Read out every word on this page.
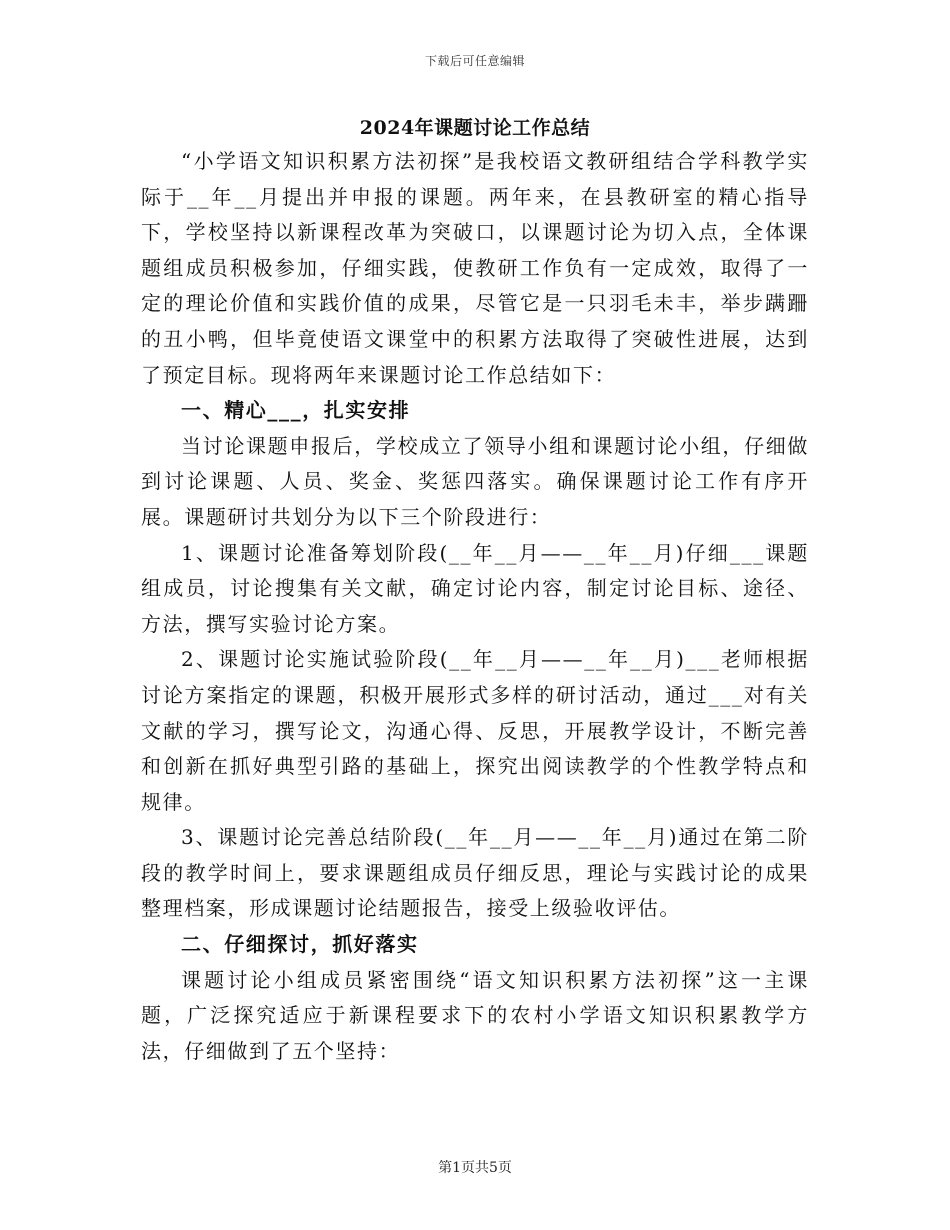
下载后可任意编辑
2024年课题讨论工作总结

“小学语文知识积累方法初探”是我校语文教研组结合学科教学实际于__年__月提出并申报的课题。两年来，在县教研室的精心指导下，学校坚持以新课程改革为突破口，以课题讨论为切入点，全体课题组成员积极参加，仔细实践，使教研工作负有一定成效，取得了一定的理论价值和实践价值的成果，尽管它是一只羽毛未丰，举步蹒跚的丑小鸭，但毕竟使语文课堂中的积累方法取得了突破性进展，达到了预定目标。现将两年来课题讨论工作总结如下：

一、精心___，扎实安排

当讨论课题申报后，学校成立了领导小组和课题讨论小组，仔细做到讨论课题、人员、奖金、奖惩四落实。确保课题讨论工作有序开展。课题研讨共划分为以下三个阶段进行：

1、课题讨论准备筹划阶段(__年__月——__年__月)仔细___课题组成员，讨论搜集有关文献，确定讨论内容，制定讨论目标、途径、方法，撰写实验讨论方案。

2、课题讨论实施试验阶段(__年__月——__年__月)___老师根据讨论方案指定的课题，积极开展形式多样的研讨活动，通过___对有关文献的学习，撰写论文，沟通心得、反思，开展教学设计，不断完善和创新在抓好典型引路的基础上，探究出阅读教学的个性教学特点和规律。

3、课题讨论完善总结阶段(__年__月——__年__月)通过在第二阶段的教学时间上，要求课题组成员仔细反思，理论与实践讨论的成果整理档案，形成课题讨论结题报告，接受上级验收评估。

二、仔细探讨，抓好落实

课题讨论小组成员紧密围绕“语文知识积累方法初探”这一主课题，广泛探究适应于新课程要求下的农村小学语文知识积累教学方法，仔细做到了五个坚持：

第1页共5页
